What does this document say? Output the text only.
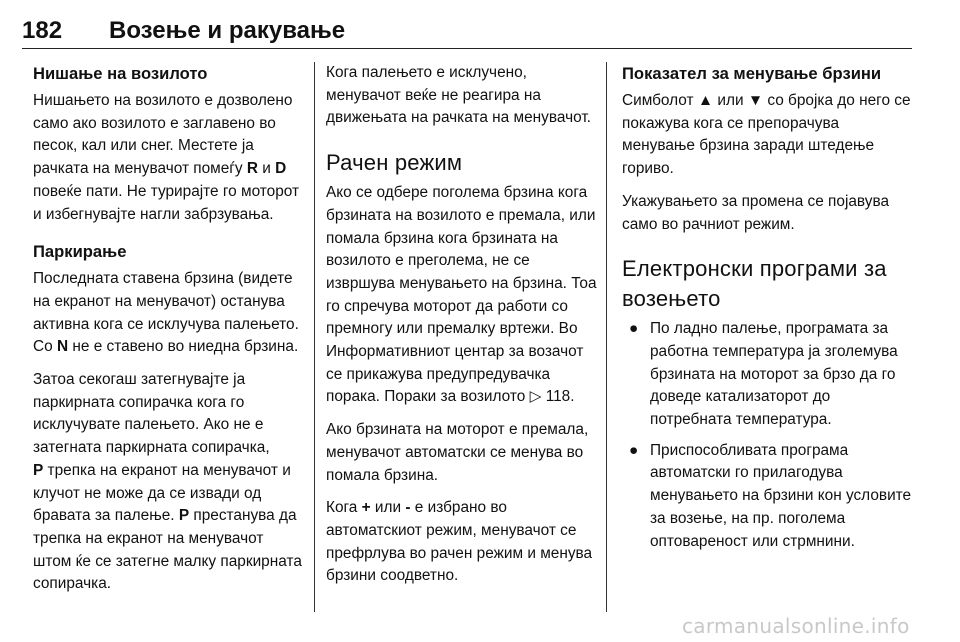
182 Возење и ракување
Нишање на возилото
Нишањето на возилото е дозволено само ако возилото е заглавено во песок, кал или снег. Местете ја рачката на менувачот помеѓу R и D повеќе пати. Не турирајте го моторот и избегнувајте нагли забрзувања.
Паркирање
Последната ставена брзина (видете на екранот на менувачот) останува активна кога се исклучува палењето. Со N не е ставено во ниедна брзина.
Затоа секогаш затегнувајте ја паркирната сопирачка кога го исклучувате палењето. Ако не е затегната паркирната сопирачка,
P трепка на екранот на менувачот и клучот не може да се извади од бравата за палење. P престанува да трепка на екранот на менувачот штом ќе се затегне малку паркирната сопирачка.
Кога палењето е исклучено, менувачот веќе не реагира на движењата на рачката на менувачот.
Рачен режим
Ако се одбере поголема брзина кога брзината на возилото е премала, или помала брзина кога брзината на возилото е преголема, не се извршува менувањето на брзина. Тоа го спречува моторот да работи со премногу или премалку вртежи. Во Информативниот центар за возачот се прикажува предупредувачка порака. Пораки за возилото ▷ 118.
Ако брзината на моторот е премала, менувачот автоматски се менува во помала брзина.
Кога + или - е избрано во автоматскиот режим, менувачот се префрлува во рачен режим и менува брзини соодветно.
Показател за менување брзини
Симболот ▲ или ▼ со бројка до него се покажува кога се препорачува менување брзина заради штедење гориво.
Укажувањето за промена се појавува само во рачниот режим.
Електронски програми за возењето
● По ладно палење, програмата за работна температура ја зголемува брзината на моторот за брзо да го доведе катализаторот до потребната температура.
● Приспособливата програма автоматски го прилагодува менувањето на брзини кон условите за возење, на пр. поголема оптовареност или стрмнини.
carmanualsonline.info
